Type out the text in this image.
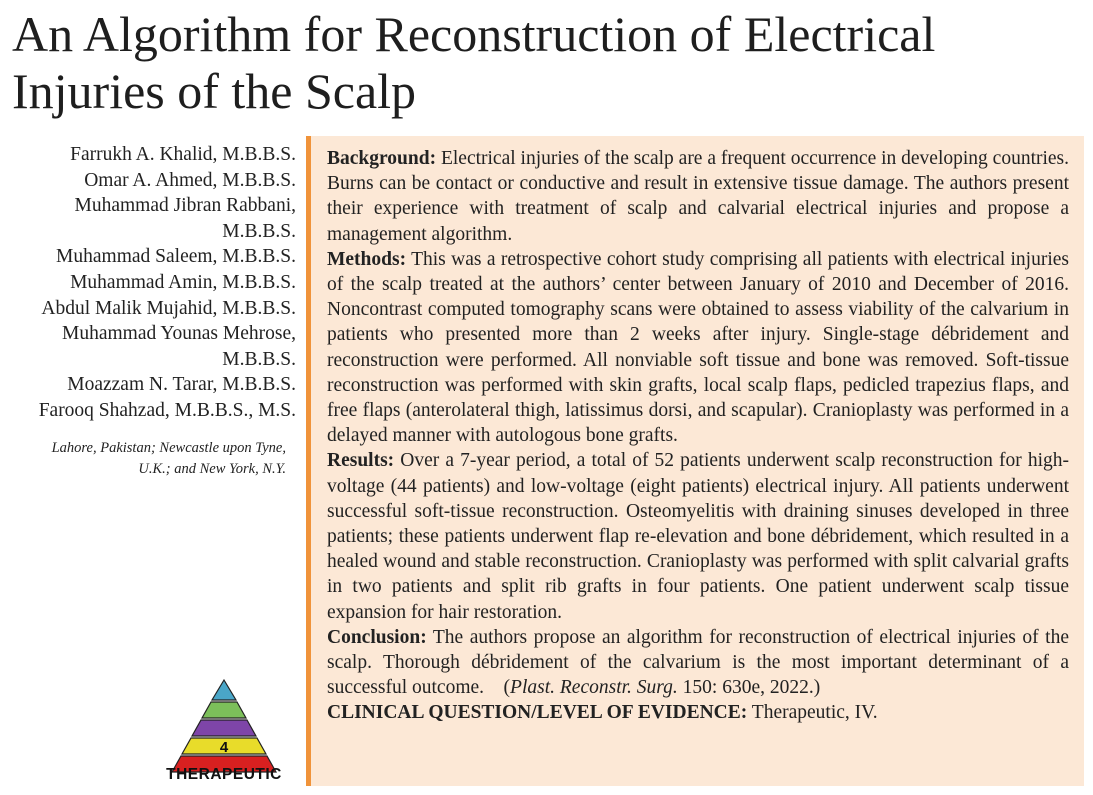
An Algorithm for Reconstruction of Electrical Injuries of the Scalp
Farrukh A. Khalid, M.B.B.S.
Omar A. Ahmed, M.B.B.S.
Muhammad Jibran Rabbani,
M.B.B.S.
Muhammad Saleem, M.B.B.S.
Muhammad Amin, M.B.B.S.
Abdul Malik Mujahid, M.B.B.S.
Muhammad Younas Mehrose,
M.B.B.S.
Moazzam N. Tarar, M.B.B.S.
Farooq Shahzad, M.B.B.S., M.S.
Lahore, Pakistan; Newcastle upon Tyne, U.K.; and New York, N.Y.

Background: Electrical injuries of the scalp are a frequent occurrence in developing countries. Burns can be contact or conductive and result in extensive tissue damage. The authors present their experience with treatment of scalp and calvarial electrical injuries and propose a management algorithm.

Methods: This was a retrospective cohort study comprising all patients with electrical injuries of the scalp treated at the authors’ center between January of 2010 and December of 2016. Noncontrast computed tomography scans were obtained to assess viability of the calvarium in patients who presented more than 2 weeks after injury. Single-stage débridement and reconstruction were performed. All nonviable soft tissue and bone was removed. Soft-tissue reconstruction was performed with skin grafts, local scalp flaps, pedicled trapezius flaps, and free flaps (anterolateral thigh, latissimus dorsi, and scapular). Cranioplasty was performed in a delayed manner with autologous bone grafts.

Results: Over a 7-year period, a total of 52 patients underwent scalp reconstruction for high-voltage (44 patients) and low-voltage (eight patients) electrical injury. All patients underwent successful soft-tissue reconstruction. Osteomyelitis with draining sinuses developed in three patients; these patients underwent flap re-elevation and bone débridement, which resulted in a healed wound and stable reconstruction. Cranioplasty was performed with split calvarial grafts in two patients and split rib grafts in four patients. One patient underwent scalp tissue expansion for hair restoration.

Conclusion: The authors propose an algorithm for reconstruction of electrical injuries of the scalp. Thorough débridement of the calvarium is the most important determinant of a successful outcome. (Plast. Reconstr. Surg. 150: 630e, 2022.)

CLINICAL QUESTION/LEVEL OF EVIDENCE: Therapeutic, IV.

4
THERAPEUTIC
